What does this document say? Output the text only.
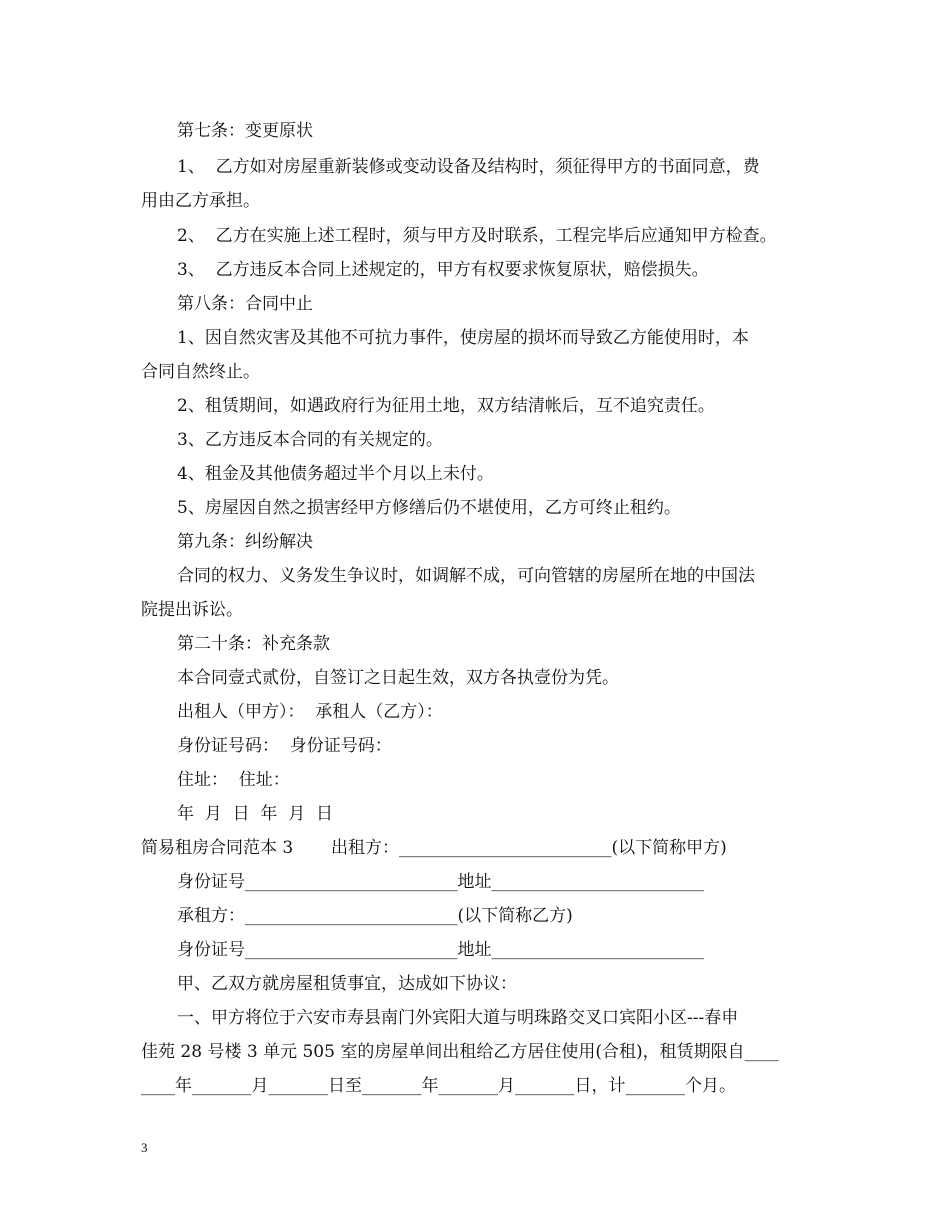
第七条：变更原状
1、  乙方如对房屋重新装修或变动设备及结构时，须征得甲方的书面同意，费
用由乙方承担。
2、  乙方在实施上述工程时，须与甲方及时联系，工程完毕后应通知甲方检查。
3、  乙方违反本合同上述规定的，甲方有权要求恢复原状，赔偿损失。
第八条：合同中止
1、因自然灾害及其他不可抗力事件，使房屋的损坏而导致乙方能使用时，本
合同自然终止。
2、租赁期间，如遇政府行为征用土地，双方结清帐后，互不追究责任。
3、乙方违反本合同的有关规定的。
4、租金及其他债务超过半个月以上未付。
5、房屋因自然之损害经甲方修缮后仍不堪使用，乙方可终止租约。
第九条：纠纷解决
合同的权力、义务发生争议时，如调解不成，可向管辖的房屋所在地的中国法
院提出诉讼。
第二十条：补充条款
本合同壹式贰份，自签订之日起生效，双方各执壹份为凭。
出租人（甲方）：  承租人（乙方）：
身份证号码：  身份证号码：
住址：  住址：
年  月  日  年  月  日
简易租房合同范本 3       出租方：_________________________(以下简称甲方)
身份证号_________________________地址_________________________
承租方：_________________________(以下简称乙方)
身份证号_________________________地址_________________________
甲、乙双方就房屋租赁事宜，达成如下协议：
一、甲方将位于六安市寿县南门外宾阳大道与明珠路交叉口宾阳小区---春申
佳苑 28 号楼 3 单元 505 室的房屋单间出租给乙方居住使用(合租)，租赁期限自____
____年_______月_______日至_______年_______月_______日，计_______个月。
3
